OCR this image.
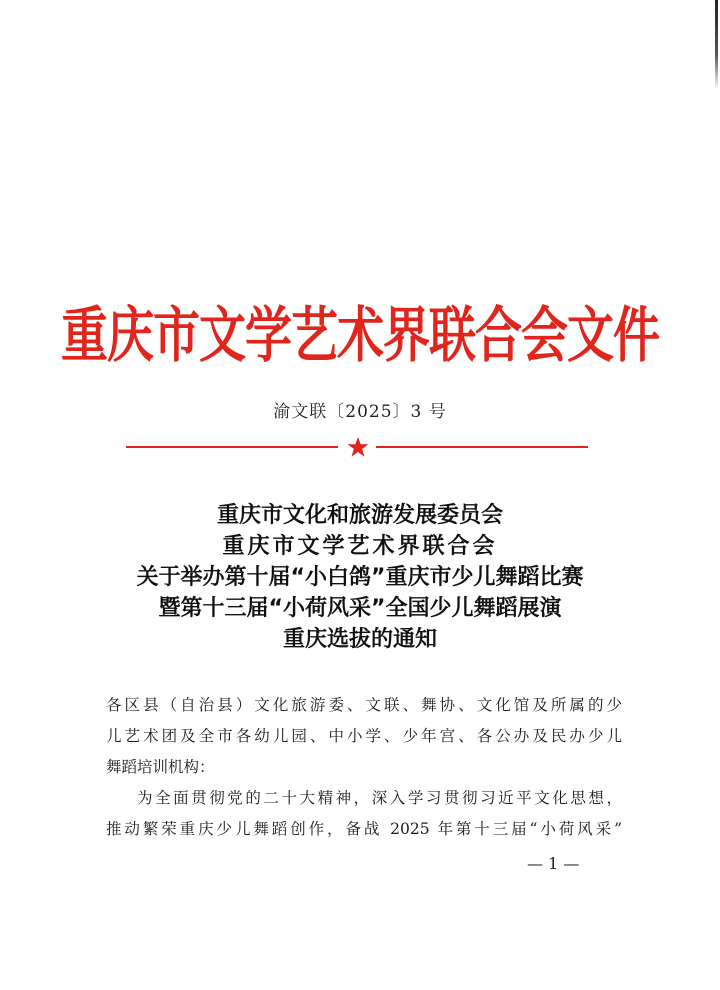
重庆市文学艺术界联合会文件
渝文联〔2025〕3 号
重庆市文化和旅游发展委员会
重庆市文学艺术界联合会
关于举办第十届“小白鸽”重庆市少儿舞蹈比赛
暨第十三届“小荷风采”全国少儿舞蹈展演
重庆选拔的通知

各区县（自治县）文化旅游委、文联、舞协、文化馆及所属的少
儿艺术团及全市各幼儿园、中小学、少年宫、各公办及民办少儿
舞蹈培训机构：

为全面贯彻党的二十大精神，深入学习贯彻习近平文化思想，
推动繁荣重庆少儿舞蹈创作，备战 2025 年第十三届“小荷风采”

— 1 —
